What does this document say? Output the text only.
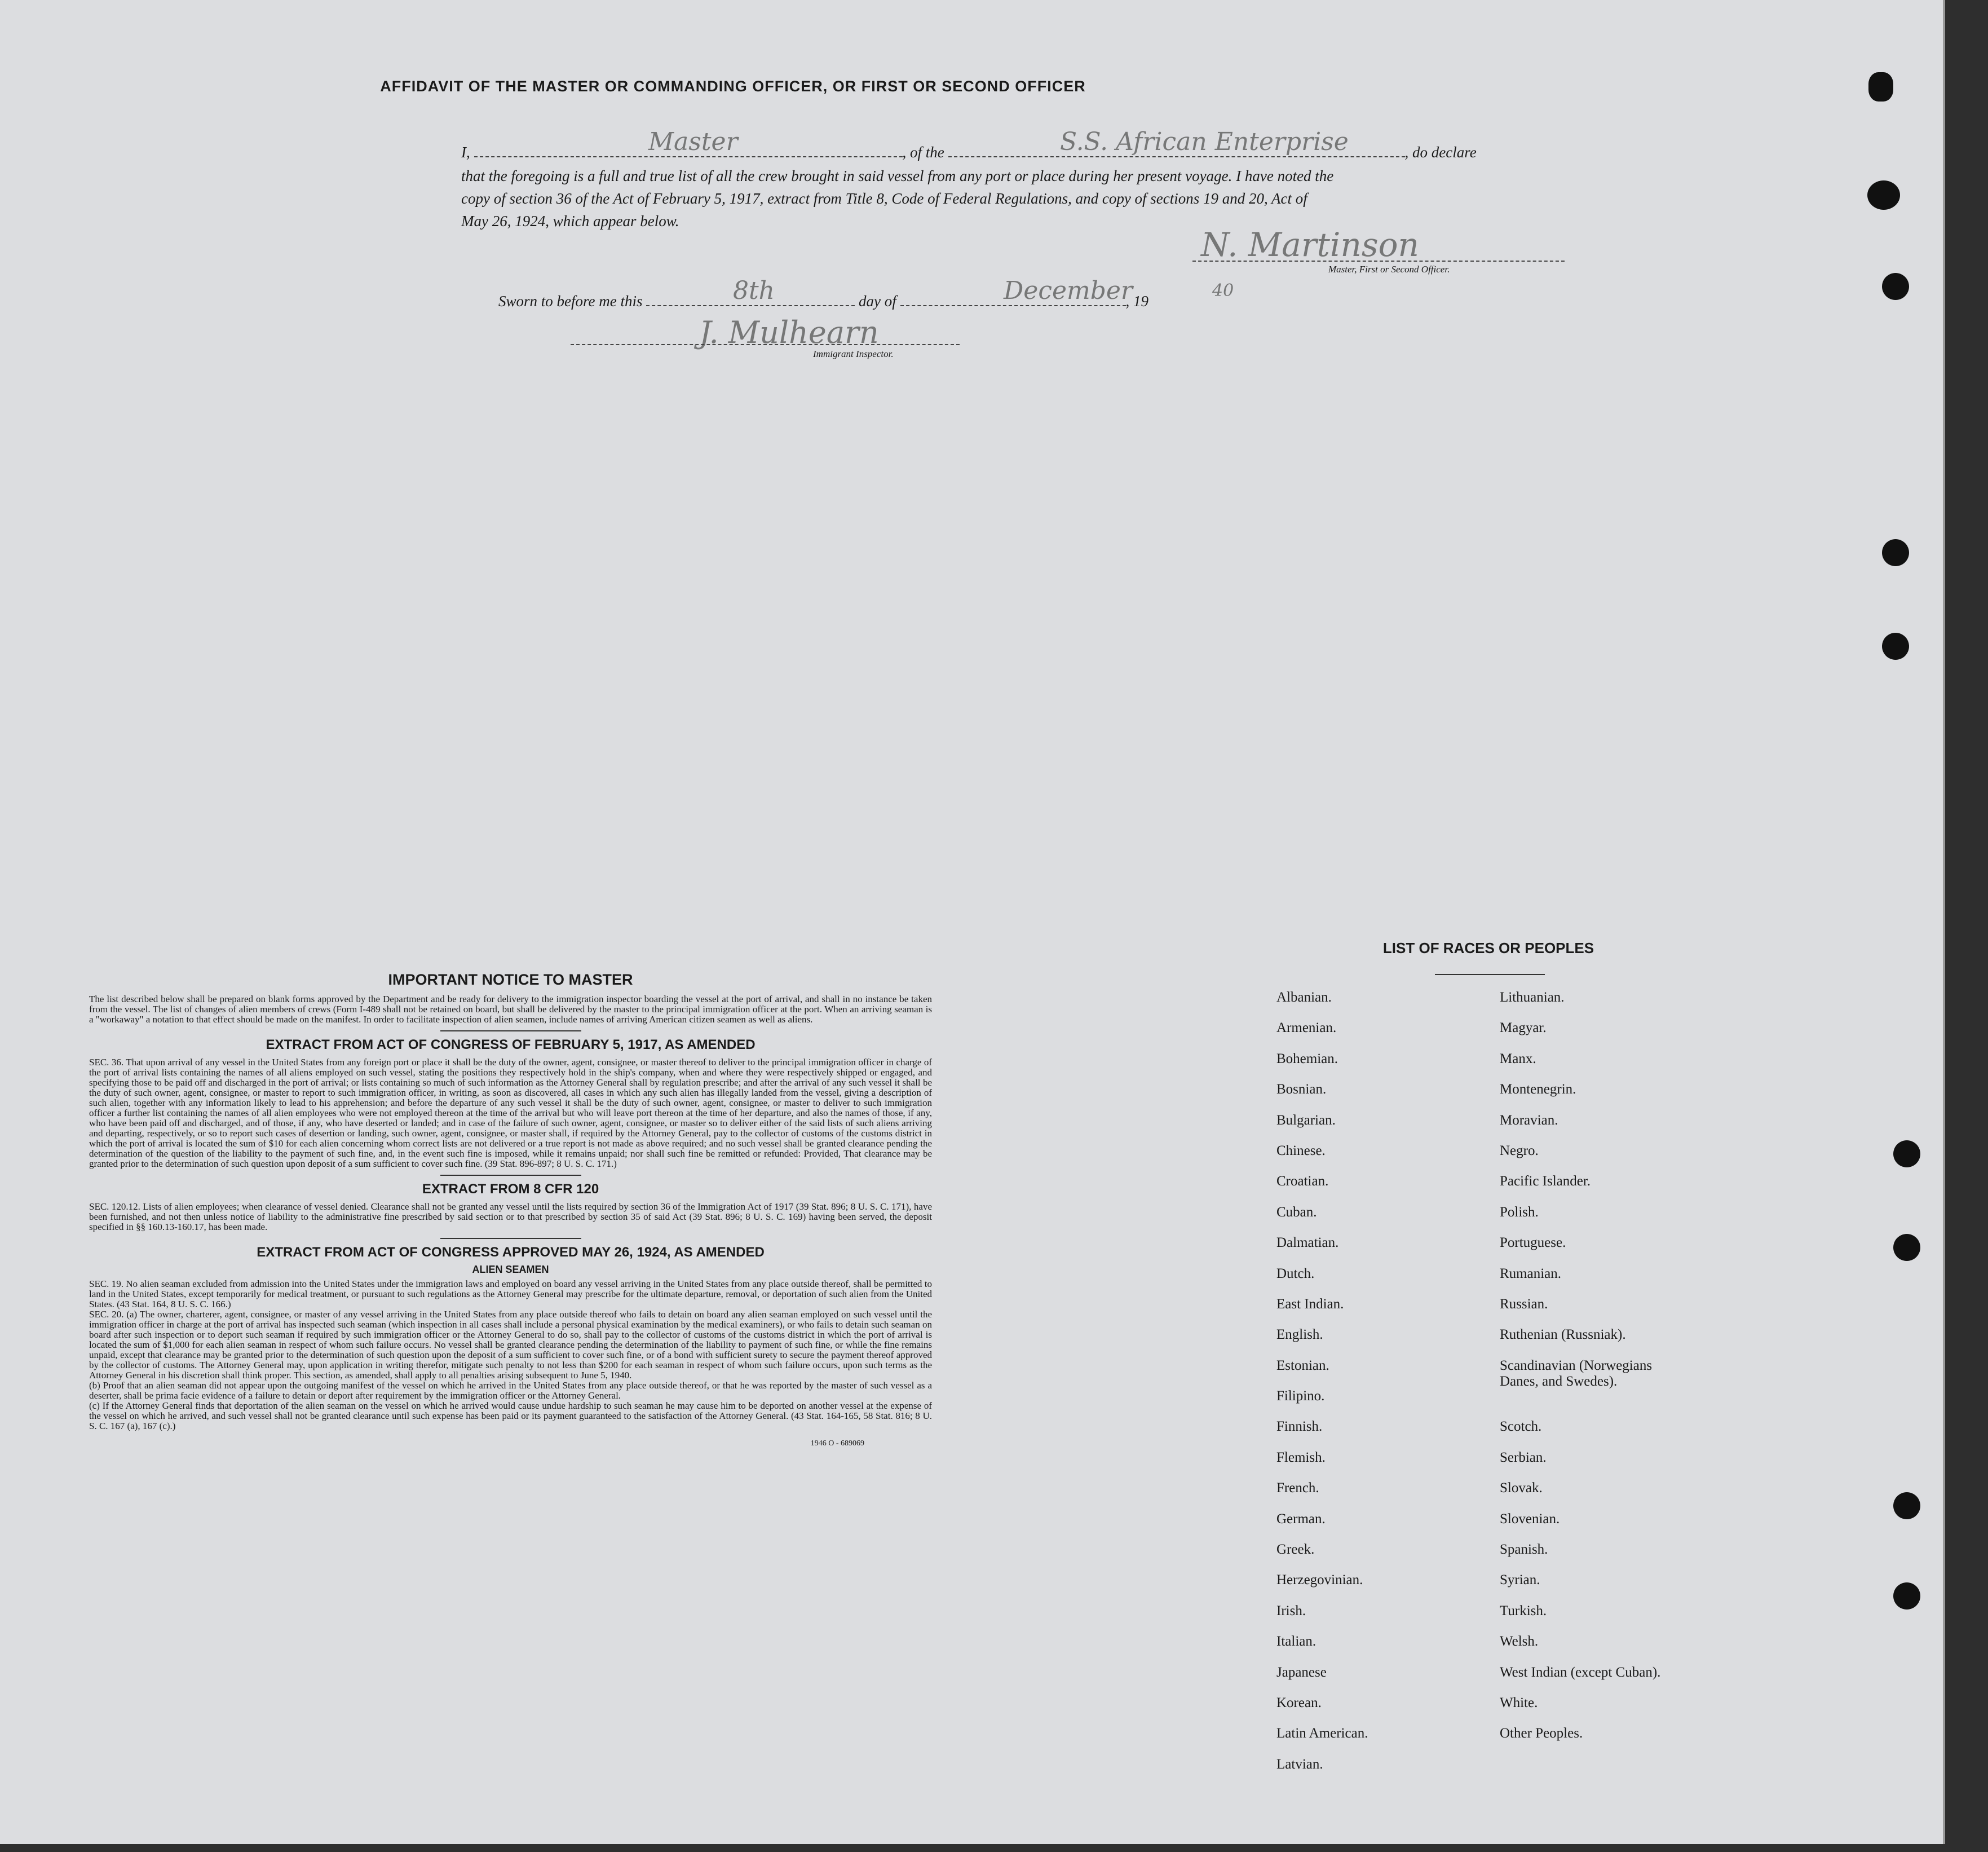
AFFIDAVIT OF THE MASTER OR COMMANDING OFFICER, OR FIRST OR SECOND OFFICER
I,	, of the	, do declare
Master	S.S. African Enterprise
that the foregoing is a full and true list of all the crew brought in said vessel from any port or place during her present voyage. I have noted the
copy of section 36 of the Act of February 5, 1917, extract from Title 8, Code of Federal Regulations, and copy of sections 19 and 20, Act of
May 26, 1924, which appear below.
N. Martinson
Master, First or Second Officer.
Sworn to before me this	day of	, 19
8th	December	40
J. Mulhearn
Immigrant Inspector.
IMPORTANT NOTICE TO MASTER

The list described below shall be prepared on blank forms approved by the Department and be ready for delivery to the immigration inspector boarding the vessel at the port of arrival, and shall in no instance be taken from the vessel. The list of changes of alien members of crews (Form I-489 shall not be retained on board, but shall be delivered by the master to the principal immigration officer at the port. When an arriving seaman is a "workaway" a notation to that effect should be made on the manifest. In order to facilitate inspection of alien seamen, include names of arriving American citizen seamen as well as aliens.

EXTRACT FROM ACT OF CONGRESS OF FEBRUARY 5, 1917, AS AMENDED

SEC. 36. That upon arrival of any vessel in the United States from any foreign port or place it shall be the duty of the owner, agent, consignee, or master thereof to deliver to the principal immigration officer in charge of the port of arrival lists containing the names of all aliens employed on such vessel, stating the positions they respectively hold in the ship's company, when and where they were respectively shipped or engaged, and specifying those to be paid off and discharged in the port of arrival; or lists containing so much of such information as the Attorney General shall by regulation prescribe; and after the arrival of any such vessel it shall be the duty of such owner, agent, consignee, or master to report to such immigration officer, in writing, as soon as discovered, all cases in which any such alien has illegally landed from the vessel, giving a description of such alien, together with any information likely to lead to his apprehension; and before the departure of any such vessel it shall be the duty of such owner, agent, consignee, or master to deliver to such immigration officer a further list containing the names of all alien employees who were not employed thereon at the time of the arrival but who will leave port thereon at the time of her departure, and also the names of those, if any, who have been paid off and discharged, and of those, if any, who have deserted or landed; and in case of the failure of such owner, agent, consignee, or master so to deliver either of the said lists of such aliens arriving and departing, respectively, or so to report such cases of desertion or landing, such owner, agent, consignee, or master shall, if required by the Attorney General, pay to the collector of customs of the customs district in which the port of arrival is located the sum of $10 for each alien concerning whom correct lists are not delivered or a true report is not made as above required; and no such vessel shall be granted clearance pending the determination of the question of the liability to the payment of such fine, and, in the event such fine is imposed, while it remains unpaid; nor shall such fine be remitted or refunded: Provided, That clearance may be granted prior to the determination of such question upon deposit of a sum sufficient to cover such fine. (39 Stat. 896-897; 8 U. S. C. 171.)

EXTRACT FROM 8 CFR 120

SEC. 120.12. Lists of alien employees; when clearance of vessel denied. Clearance shall not be granted any vessel until the lists required by section 36 of the Immigration Act of 1917 (39 Stat. 896; 8 U. S. C. 171), have been furnished, and not then unless notice of liability to the administrative fine prescribed by said section or to that prescribed by section 35 of said Act (39 Stat. 896; 8 U. S. C. 169) having been served, the deposit specified in §§ 160.13-160.17, has been made.

EXTRACT FROM ACT OF CONGRESS APPROVED MAY 26, 1924, AS AMENDED
ALIEN SEAMEN

SEC. 19. No alien seaman excluded from admission into the United States under the immigration laws and employed on board any vessel arriving in the United States from any place outside thereof, shall be permitted to land in the United States, except temporarily for medical treatment, or pursuant to such regulations as the Attorney General may prescribe for the ultimate departure, removal, or deportation of such alien from the United States. (43 Stat. 164, 8 U. S. C. 166.)

SEC. 20. (a) The owner, charterer, agent, consignee, or master of any vessel arriving in the United States from any place outside thereof who fails to detain on board any alien seaman employed on such vessel until the immigration officer in charge at the port of arrival has inspected such seaman (which inspection in all cases shall include a personal physical examination by the medical examiners), or who fails to detain such seaman on board after such inspection or to deport such seaman if required by such immigration officer or the Attorney General to do so, shall pay to the collector of customs of the customs district in which the port of arrival is located the sum of $1,000 for each alien seaman in respect of whom such failure occurs. No vessel shall be granted clearance pending the determination of the liability to payment of such fine, or while the fine remains unpaid, except that clearance may be granted prior to the determination of such question upon the deposit of a sum sufficient to cover such fine, or of a bond with sufficient surety to secure the payment thereof approved by the collector of customs. The Attorney General may, upon application in writing therefor, mitigate such penalty to not less than $200 for each seaman in respect of whom such failure occurs, upon such terms as the Attorney General in his discretion shall think proper. This section, as amended, shall apply to all penalties arising subsequent to June 5, 1940.

(b) Proof that an alien seaman did not appear upon the outgoing manifest of the vessel on which he arrived in the United States from any place outside thereof, or that he was reported by the master of such vessel as a deserter, shall be prima facie evidence of a failure to detain or deport after requirement by the immigration officer or the Attorney General.

(c) If the Attorney General finds that deportation of the alien seaman on the vessel on which he arrived would cause undue hardship to such seaman he may cause him to be deported on another vessel at the expense of the vessel on which he arrived, and such vessel shall not be granted clearance until such expense has been paid or its payment guaranteed to the satisfaction of the Attorney General. (43 Stat. 164-165, 58 Stat. 816; 8 U. S. C. 167 (a), 167 (c).)

1946 O - 689069
LIST OF RACES OR PEOPLES
Albanian.
Armenian.
Bohemian.
Bosnian.
Bulgarian.
Chinese.
Croatian.
Cuban.
Dalmatian.
Dutch.
East Indian.
English.
Estonian.
Filipino.
Finnish.
Flemish.
French.
German.
Greek.
Herzegovinian.
Irish.
Italian.
Japanese
Korean.
Latin American.
Latvian.
Lithuanian.
Magyar.
Manx.
Montenegrin.
Moravian.
Negro.
Pacific Islander.
Polish.
Portuguese.
Rumanian.
Russian.
Ruthenian (Russniak).
Scandinavian (Norwegians
Danes, and Swedes).
Scotch.
Serbian.
Slovak.
Slovenian.
Spanish.
Syrian.
Turkish.
Welsh.
West Indian (except Cuban).
White.
Other Peoples.
